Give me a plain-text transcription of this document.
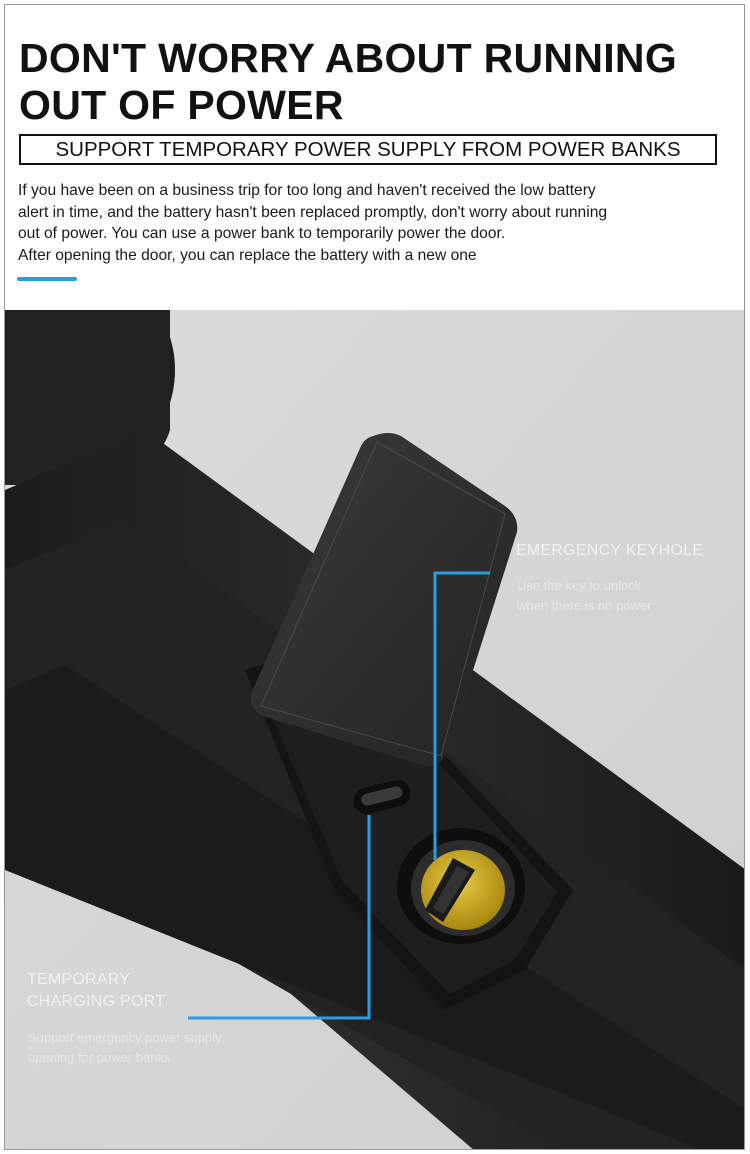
DON'T WORRY ABOUT RUNNING
OUT OF POWER
SUPPORT TEMPORARY POWER SUPPLY FROM POWER BANKS

If you have been on a business trip for too long and haven't received the low battery

alert in time, and the battery hasn't been replaced promptly, don't worry about running

out of power. You can use a power bank to temporarily power the door.

After opening the door, you can replace the battery with a new one

EMERGENCY KEYHOLE
Use the key to unlock
when there is no power
TEMPORARY
CHARGING PORT
Support emergency power supply
opening for power banks
